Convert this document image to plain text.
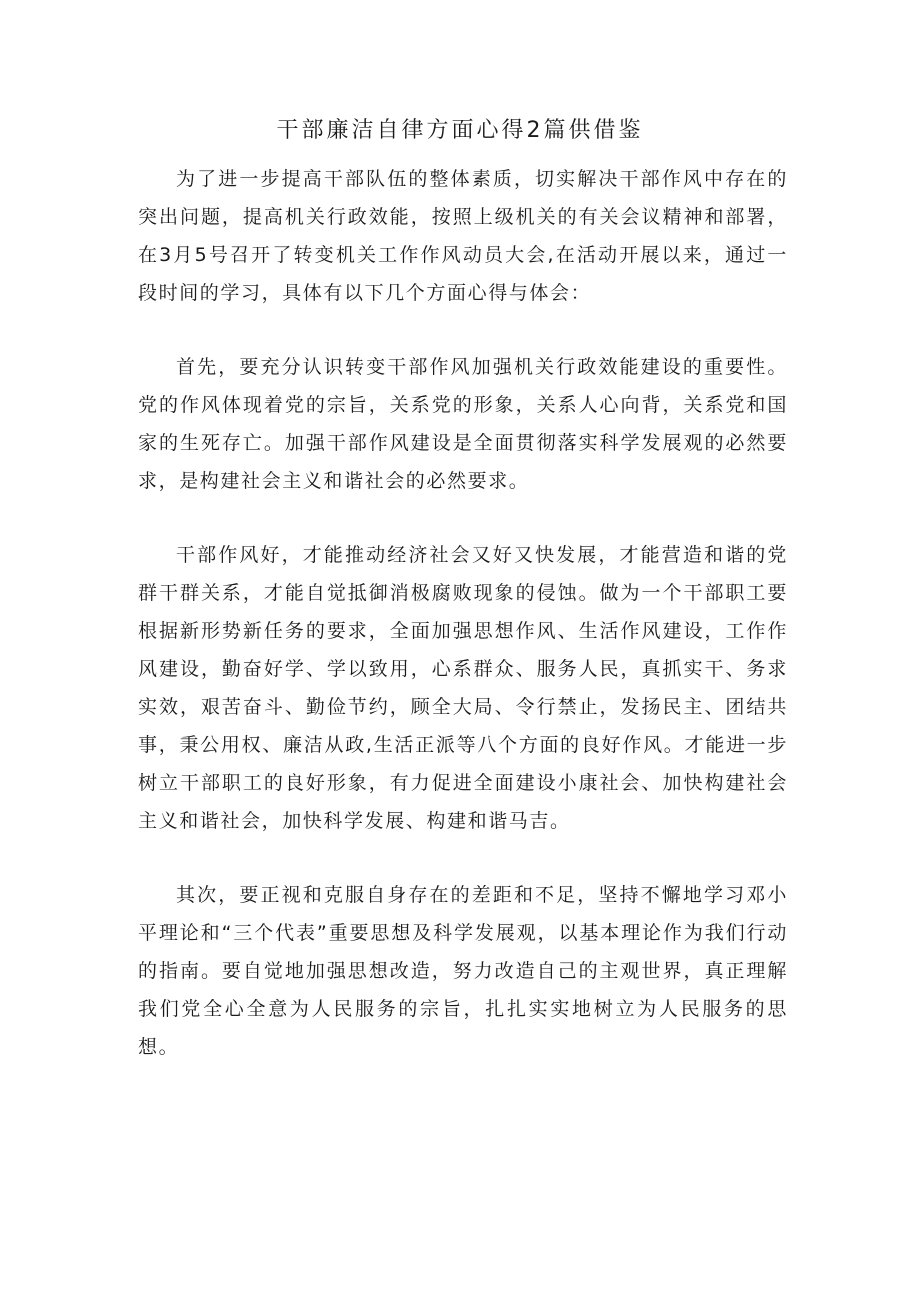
干部廉洁自律方面心得2篇供借鉴

为了进一步提高干部队伍的整体素质，切实解决干部作风中存在的突出问题，提高机关行政效能，按照上级机关的有关会议精神和部署，在3月5号召开了转变机关工作作风动员大会,在活动开展以来，通过一段时间的学习，具体有以下几个方面心得与体会：

首先，要充分认识转变干部作风加强机关行政效能建设的重要性。党的作风体现着党的宗旨，关系党的形象，关系人心向背，关系党和国家的生死存亡。加强干部作风建设是全面贯彻落实科学发展观的必然要求，是构建社会主义和谐社会的必然要求。

干部作风好，才能推动经济社会又好又快发展，才能营造和谐的党群干群关系，才能自觉抵御消极腐败现象的侵蚀。做为一个干部职工要根据新形势新任务的要求，全面加强思想作风、生活作风建设，工作作风建设，勤奋好学、学以致用，心系群众、服务人民，真抓实干、务求实效，艰苦奋斗、勤俭节约，顾全大局、令行禁止，发扬民主、团结共事，秉公用权、廉洁从政,生活正派等八个方面的良好作风。才能进一步树立干部职工的良好形象，有力促进全面建设小康社会、加快构建社会主义和谐社会，加快科学发展、构建和谐马吉。

其次，要正视和克服自身存在的差距和不足，坚持不懈地学习邓小平理论和“三个代表”重要思想及科学发展观，以基本理论作为我们行动的指南。要自觉地加强思想改造，努力改造自己的主观世界，真正理解我们党全心全意为人民服务的宗旨，扎扎实实地树立为人民服务的思想。
